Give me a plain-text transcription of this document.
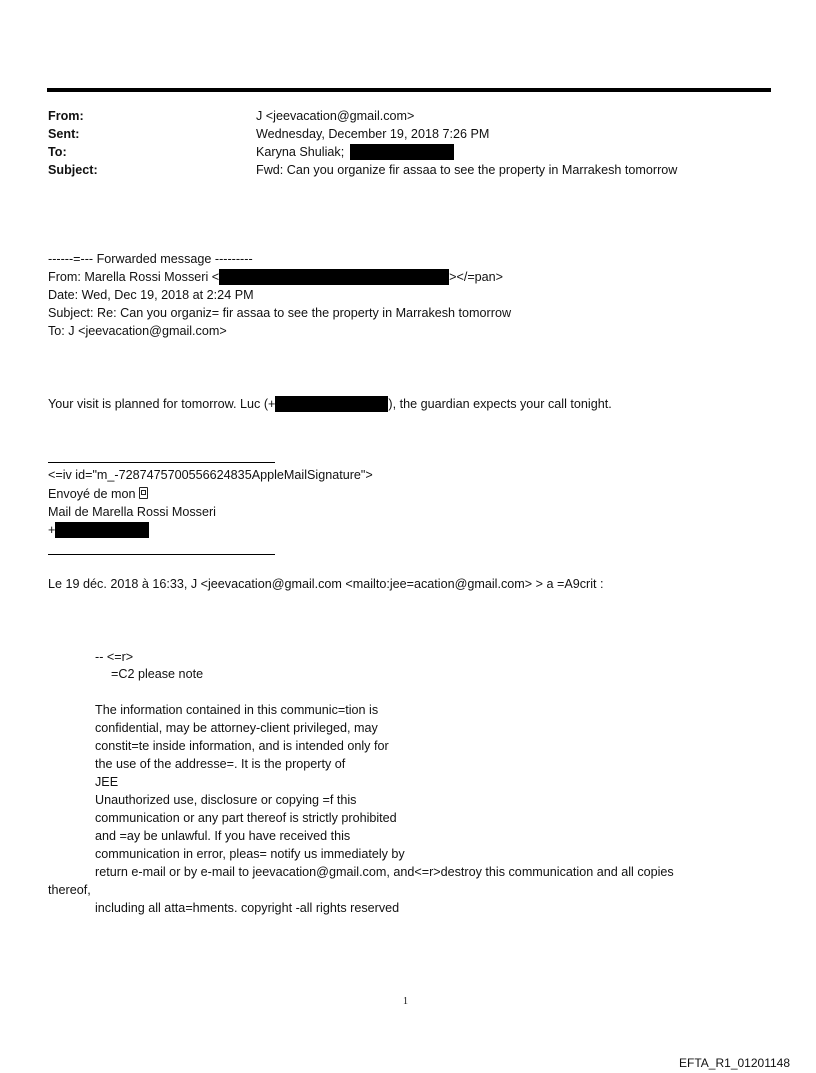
From:	J <jeevacation@gmail.com>
Sent:	Wednesday, December 19, 2018 7:26 PM
To:	Karyna Shuliak;
Subject:	Fwd: Can you organize fir assaa to see the property in Marrakesh tomorrow
------=--- Forwarded message ---------
From: Marella Rossi Mosseri <	></=pan>
Date: Wed, Dec 19, 2018 at 2:24 PM
Subject: Re: Can you organiz= fir assaa to see the property in Marrakesh tomorrow
To: J <jeevacation@gmail.com>
Your visit is planned for tomorrow. Luc (+	), the guardian expects your call tonight.
<=iv id="m_-7287475700556624835AppleMailSignature">
Envoyé de mon
Mail de Marella Rossi Mosseri
+
Le 19 déc. 2018 à 16:33, J <jeevacation@gmail.com <mailto:jee=acation@gmail.com> > a =A9crit :
-- <=r>
=C2 please note
The information contained in this communic=tion is
confidential, may be attorney-client privileged, may
constit=te inside information, and is intended only for
the use of the addresse=. It is the property of
JEE
Unauthorized use, disclosure or copying =f this
communication or any part thereof is strictly prohibited
and =ay be unlawful. If you have received this
communication in error, pleas= notify us immediately by
return e-mail or by e-mail to jeevacation@gmail.com, and<=r>destroy this communication and all copies
thereof,
including all atta=hments. copyright -all rights reserved
1
EFTA_R1_01201148
